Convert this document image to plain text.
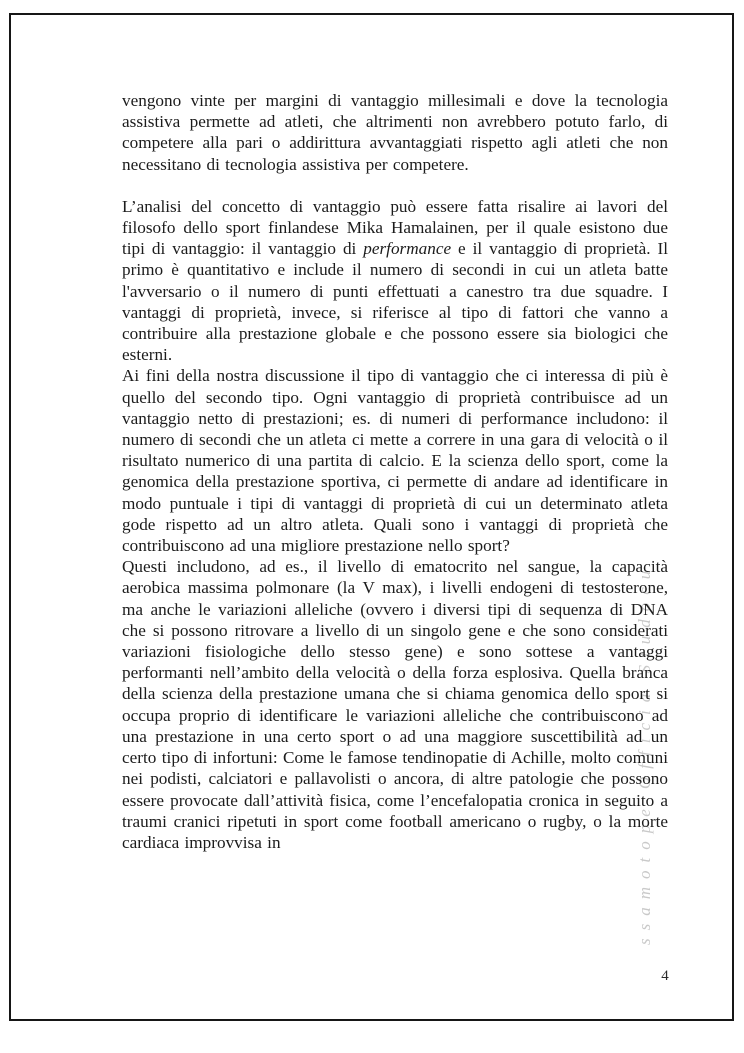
ssamotope Officia Studocu

vengono vinte per margini di vantaggio millesimali e dove la tecnologia assistiva permette ad atleti, che altrimenti non avrebbero potuto farlo, di competere alla pari o addirittura avvantaggiati rispetto agli atleti che non necessitano di tecnologia assistiva per competere.

L’analisi del concetto di vantaggio può essere fatta risalire ai lavori del filosofo dello sport finlandese Mika Hamalainen, per il quale esistono due tipi di vantaggio: il vantaggio di performance e il vantaggio di proprietà. Il primo è quantitativo e include il numero di secondi in cui un atleta batte l'avversario o il numero di punti effettuati a canestro tra due squadre. I vantaggi di proprietà, invece, si riferisce al tipo di fattori che vanno a contribuire alla prestazione globale e che possono essere sia biologici che esterni.

Ai fini della nostra discussione il tipo di vantaggio che ci interessa di più è quello del secondo tipo. Ogni vantaggio di proprietà contribuisce ad un vantaggio netto di prestazioni; es. di numeri di performance includono: il numero di secondi che un atleta ci mette a correre in una gara di velocità o il risultato numerico di una partita di calcio. E la scienza dello sport, come la genomica della prestazione sportiva, ci permette di andare ad identificare in modo puntuale i tipi di vantaggi di proprietà di cui un determinato atleta gode rispetto ad un altro atleta. Quali sono i vantaggi di proprietà che contribuiscono ad una migliore prestazione nello sport?

Questi includono, ad es., il livello di ematocrito nel sangue, la capacità aerobica massima polmonare (la V max), i livelli endogeni di testosterone, ma anche le variazioni alleliche (ovvero i diversi tipi di sequenza di DNA che si possono ritrovare a livello di un singolo gene e che sono considerati variazioni fisiologiche dello stesso gene) e sono sottese a vantaggi performanti nell’ambito della velocità o della forza esplosiva. Quella branca della scienza della prestazione umana che si chiama genomica dello sport si occupa proprio di identificare le variazioni alleliche che contribuiscono ad una prestazione in una certo sport o ad una maggiore suscettibilità ad un certo tipo di infortuni: Come le famose tendinopatie di Achille, molto comuni nei podisti, calciatori e pallavolisti o ancora, di altre patologie che possono essere provocate dall’attività fisica, come l’encefalopatia cronica in seguito a traumi cranici ripetuti in sport come football americano o rugby, o la morte cardiaca improvvisa in

4
